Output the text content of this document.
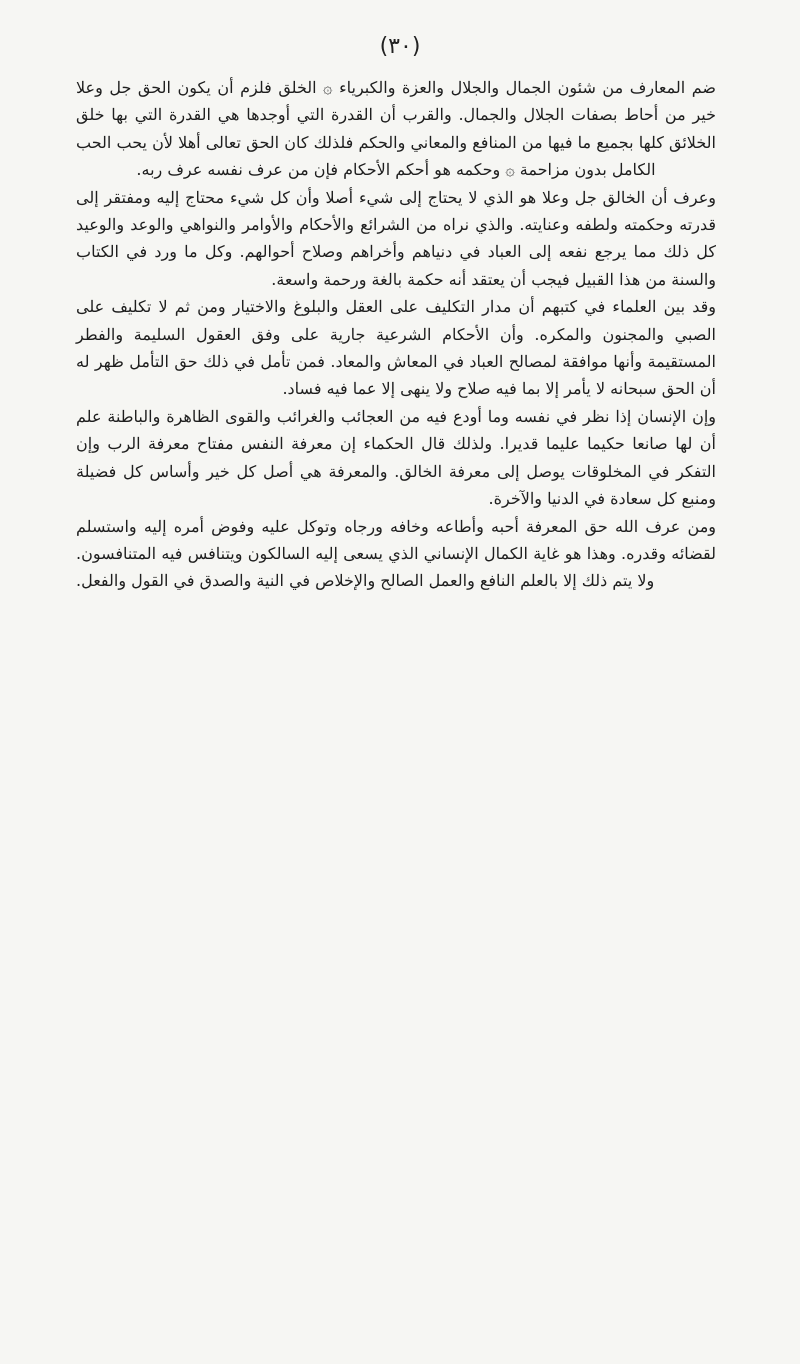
(٣٠)

ضم المعارف من شئون الجمال والجلال والعزة والكبرياء ۞ الخلق فلزم أن يكون الحق جل وعلا خير من أحاط بصفات الجلال والجمال. والقرب أن القدرة التي أوجدها هي القدرة التي بها خلق الخلائق كلها بجميع ما فيها من المنافع والمعاني والحكم فلذلك كان الحق تعالى أهلا لأن يحب الحب الكامل بدون مزاحمة ۞ وحكمه هو أحكم الأحكام فإن من عرف نفسه عرف ربه.

وعرف أن الخالق جل وعلا هو الذي لا يحتاج إلى شيء أصلا وأن كل شيء محتاج إليه ومفتقر إلى قدرته وحكمته ولطفه وعنايته. والذي نراه من الشرائع والأحكام والأوامر والنواهي والوعد والوعيد كل ذلك مما يرجع نفعه إلى العباد في دنياهم وأخراهم وصلاح أحوالهم. وكل ما ورد في الكتاب والسنة من هذا القبيل فيجب أن يعتقد أنه حكمة بالغة ورحمة واسعة.

وقد بين العلماء في كتبهم أن مدار التكليف على العقل والبلوغ والاختيار ومن ثم لا تكليف على الصبي والمجنون والمكره. وأن الأحكام الشرعية جارية على وفق العقول السليمة والفطر المستقيمة وأنها موافقة لمصالح العباد في المعاش والمعاد. فمن تأمل في ذلك حق التأمل ظهر له أن الحق سبحانه لا يأمر إلا بما فيه صلاح ولا ينهى إلا عما فيه فساد.

وإن الإنسان إذا نظر في نفسه وما أودع فيه من العجائب والغرائب والقوى الظاهرة والباطنة علم أن لها صانعا حكيما عليما قديرا. ولذلك قال الحكماء إن معرفة النفس مفتاح معرفة الرب وإن التفكر في المخلوقات يوصل إلى معرفة الخالق. والمعرفة هي أصل كل خير وأساس كل فضيلة ومنبع كل سعادة في الدنيا والآخرة.

ومن عرف الله حق المعرفة أحبه وأطاعه وخافه ورجاه وتوكل عليه وفوض أمره إليه واستسلم لقضائه وقدره. وهذا هو غاية الكمال الإنساني الذي يسعى إليه السالكون ويتنافس فيه المتنافسون. ولا يتم ذلك إلا بالعلم النافع والعمل الصالح والإخلاص في النية والصدق في القول والفعل.
